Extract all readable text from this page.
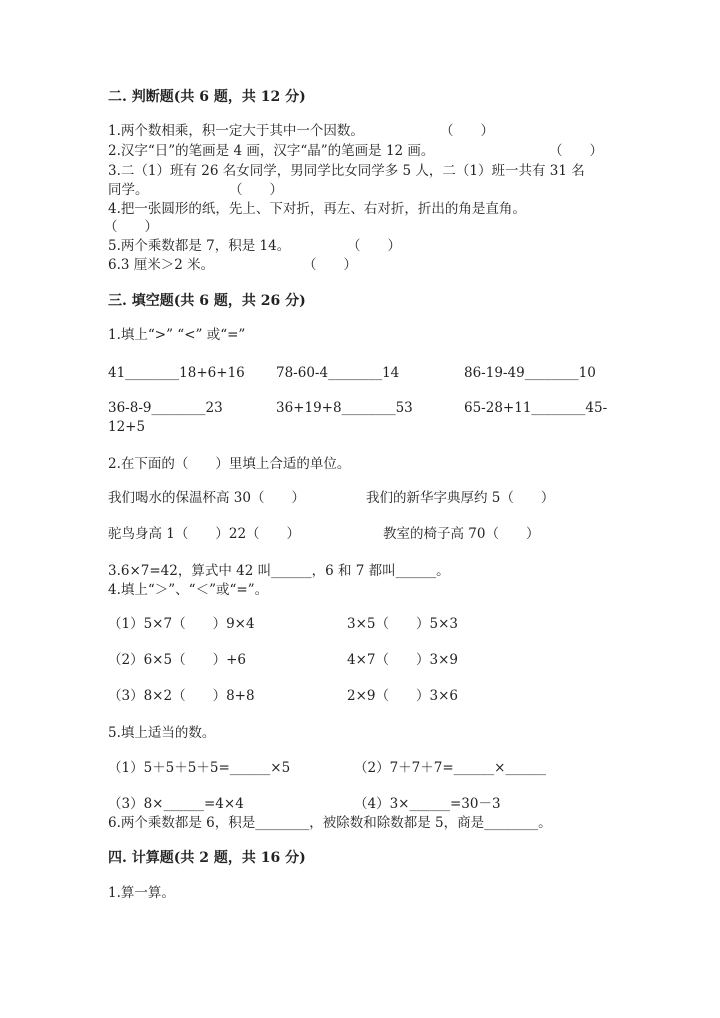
二. 判断题(共 6 题，共 12 分)
1.两个数相乘，积一定大于其中一个因数。	（　　）
2.汉字“日”的笔画是 4 画，汉字“晶”的笔画是 12 画。	（　　）
3.二（1）班有 26 名女同学，男同学比女同学多 5 人，二（1）班一共有 31 名
同学。	（　　）
4.把一张圆形的纸，先上、下对折，再左、右对折，折出的角是直角。
（　　）
5.两个乘数都是 7，积是 14。	（　　）
6.3 厘米＞2 米。	（　　）
三. 填空题(共 6 题，共 26 分)
1.填上“>” “<” 或“=”
41________18+6+16 78-60-4________14	86-19-49________10
36-8-9________23	36+19+8________53	65-28+11________45-
12+5
2.在下面的（　　）里填上合适的单位。
我们喝水的保温杯高 30（　　）	我们的新华字典厚约 5（　　）
驼鸟身高 1（　　）22（　　）	教室的椅子高 70（　　）
3.6×7=42，算式中 42 叫______，6 和 7 都叫______。
4.填上“＞”、“＜”或“=”。
（1）5×7（　　）9×4	3×5（　　）5×3
（2）6×5（　　）+6	4×7（　　）3×9
（3）8×2（　　）8+8	2×9（　　）3×6
5.填上适当的数。
（1）5＋5＋5＋5=______×5	（2）7＋7＋7=______×______
（3）8×______=4×4	（4）3×______=30－3
6.两个乘数都是 6，积是________，被除数和除数都是 5，商是________。
四. 计算题(共 2 题，共 16 分)
1.算一算。
